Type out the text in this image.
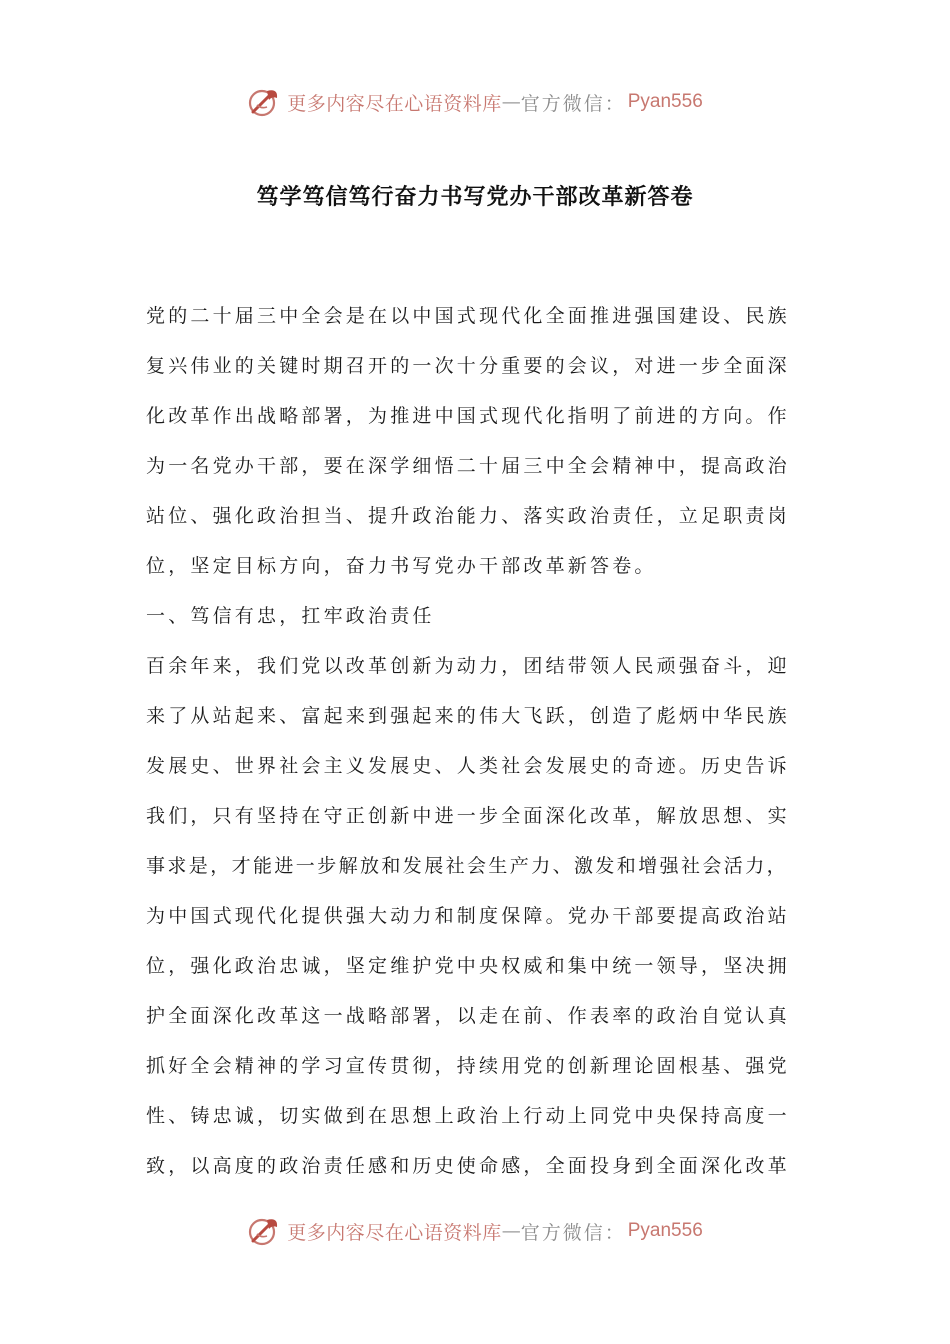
更多内容尽在心语资料库 — 官方微信： Pyan556
笃学笃信笃行奋力书写党办干部改革新答卷
党的二十届三中全会是在以中国式现代化全面推进强国建设、民族
复兴伟业的关键时期召开的一次十分重要的会议，对进一步全面深
化改革作出战略部署，为推进中国式现代化指明了前进的方向。作
为一名党办干部，要在深学细悟二十届三中全会精神中，提高政治
站位、强化政治担当、提升政治能力、落实政治责任，立足职责岗
位，坚定目标方向，奋力书写党办干部改革新答卷。
一、笃信有忠，扛牢政治责任
百余年来，我们党以改革创新为动力，团结带领人民顽强奋斗，迎
来了从站起来、富起来到强起来的伟大飞跃，创造了彪炳中华民族
发展史、世界社会主义发展史、人类社会发展史的奇迹。历史告诉
我们，只有坚持在守正创新中进一步全面深化改革，解放思想、实
事求是，才能进一步解放和发展社会生产力、激发和增强社会活力，
为中国式现代化提供强大动力和制度保障。党办干部要提高政治站
位，强化政治忠诚，坚定维护党中央权威和集中统一领导，坚决拥
护全面深化改革这一战略部署，以走在前、作表率的政治自觉认真
抓好全会精神的学习宣传贯彻，持续用党的创新理论固根基、强党
性、铸忠诚，切实做到在思想上政治上行动上同党中央保持高度一
致，以高度的政治责任感和历史使命感，全面投身到全面深化改革
更多内容尽在心语资料库 — 官方微信： Pyan556
